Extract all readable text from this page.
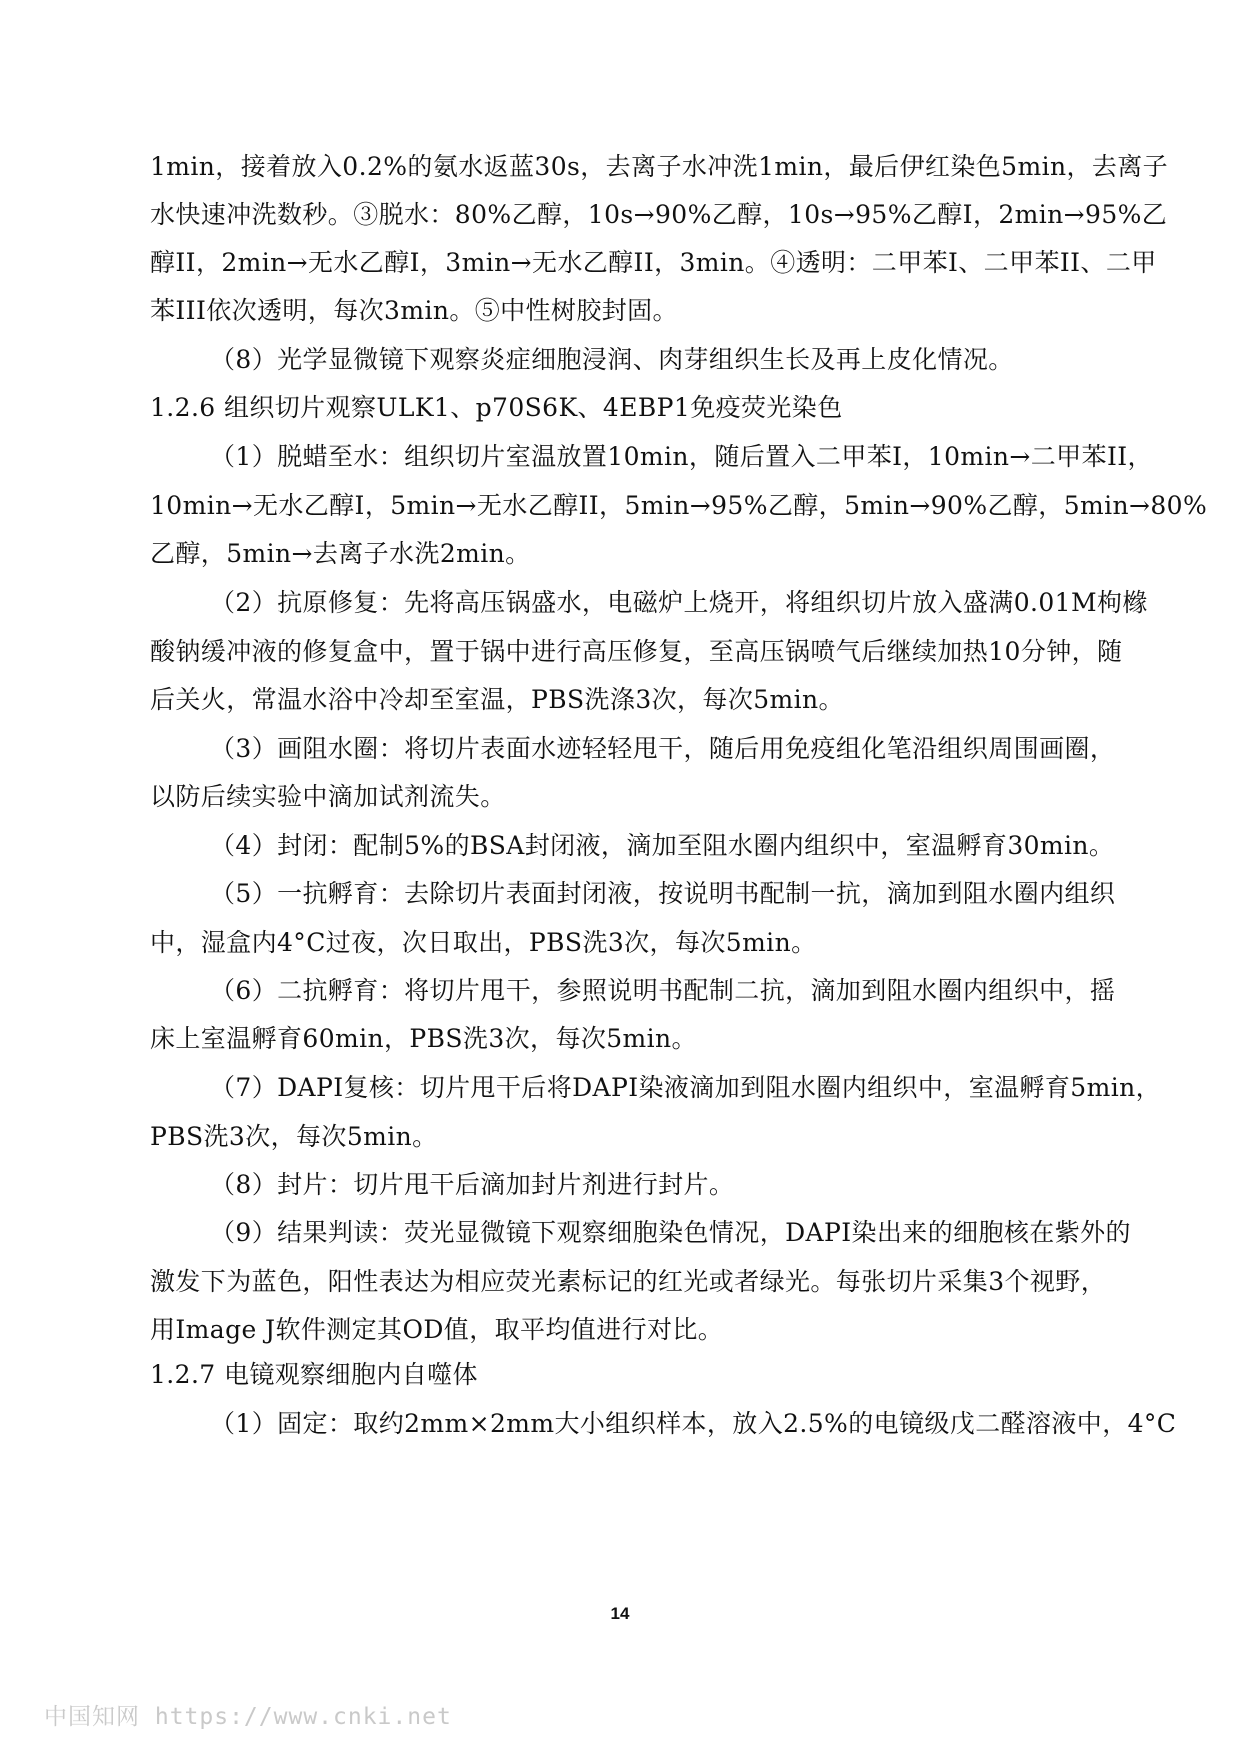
1min，接着放入0.2%的氨水返蓝30s，去离子水冲洗1min，最后伊红染色5min，去离子
水快速冲洗数秒。③脱水：80%乙醇，10s→90%乙醇，10s→95%乙醇I，2min→95%乙
醇II，2min→无水乙醇I，3min→无水乙醇II，3min。④透明：二甲苯I、二甲苯II、二甲
苯III依次透明，每次3min。⑤中性树胶封固。
（8）光学显微镜下观察炎症细胞浸润、肉芽组织生长及再上皮化情况。
1.2.6 组织切片观察ULK1、p70S6K、4EBP1免疫荧光染色
（1）脱蜡至水：组织切片室温放置10min，随后置入二甲苯I，10min→二甲苯II，
10min→无水乙醇I，5min→无水乙醇II，5min→95%乙醇，5min→90%乙醇，5min→80%
乙醇，5min→去离子水洗2min。
（2）抗原修复：先将高压锅盛水，电磁炉上烧开，将组织切片放入盛满0.01M枸橼
酸钠缓冲液的修复盒中，置于锅中进行高压修复，至高压锅喷气后继续加热10分钟，随
后关火，常温水浴中冷却至室温，PBS洗涤3次，每次5min。
（3）画阻水圈：将切片表面水迹轻轻甩干，随后用免疫组化笔沿组织周围画圈，
以防后续实验中滴加试剂流失。
（4）封闭：配制5%的BSA封闭液，滴加至阻水圈内组织中，室温孵育30min。
（5）一抗孵育：去除切片表面封闭液，按说明书配制一抗，滴加到阻水圈内组织
中，湿盒内4°C过夜，次日取出，PBS洗3次，每次5min。
（6）二抗孵育：将切片甩干，参照说明书配制二抗，滴加到阻水圈内组织中，摇
床上室温孵育60min，PBS洗3次，每次5min。
（7）DAPI复核：切片甩干后将DAPI染液滴加到阻水圈内组织中，室温孵育5min，
PBS洗3次，每次5min。
（8）封片：切片甩干后滴加封片剂进行封片。
（9）结果判读：荧光显微镜下观察细胞染色情况，DAPI染出来的细胞核在紫外的
激发下为蓝色，阳性表达为相应荧光素标记的红光或者绿光。每张切片采集3个视野，
用Image J软件测定其OD值，取平均值进行对比。
1.2.7 电镜观察细胞内自噬体
（1）固定：取约2mm×2mm大小组织样本，放入2.5%的电镜级戊二醛溶液中，4°C
14
中国知网 https://www.cnki.net
